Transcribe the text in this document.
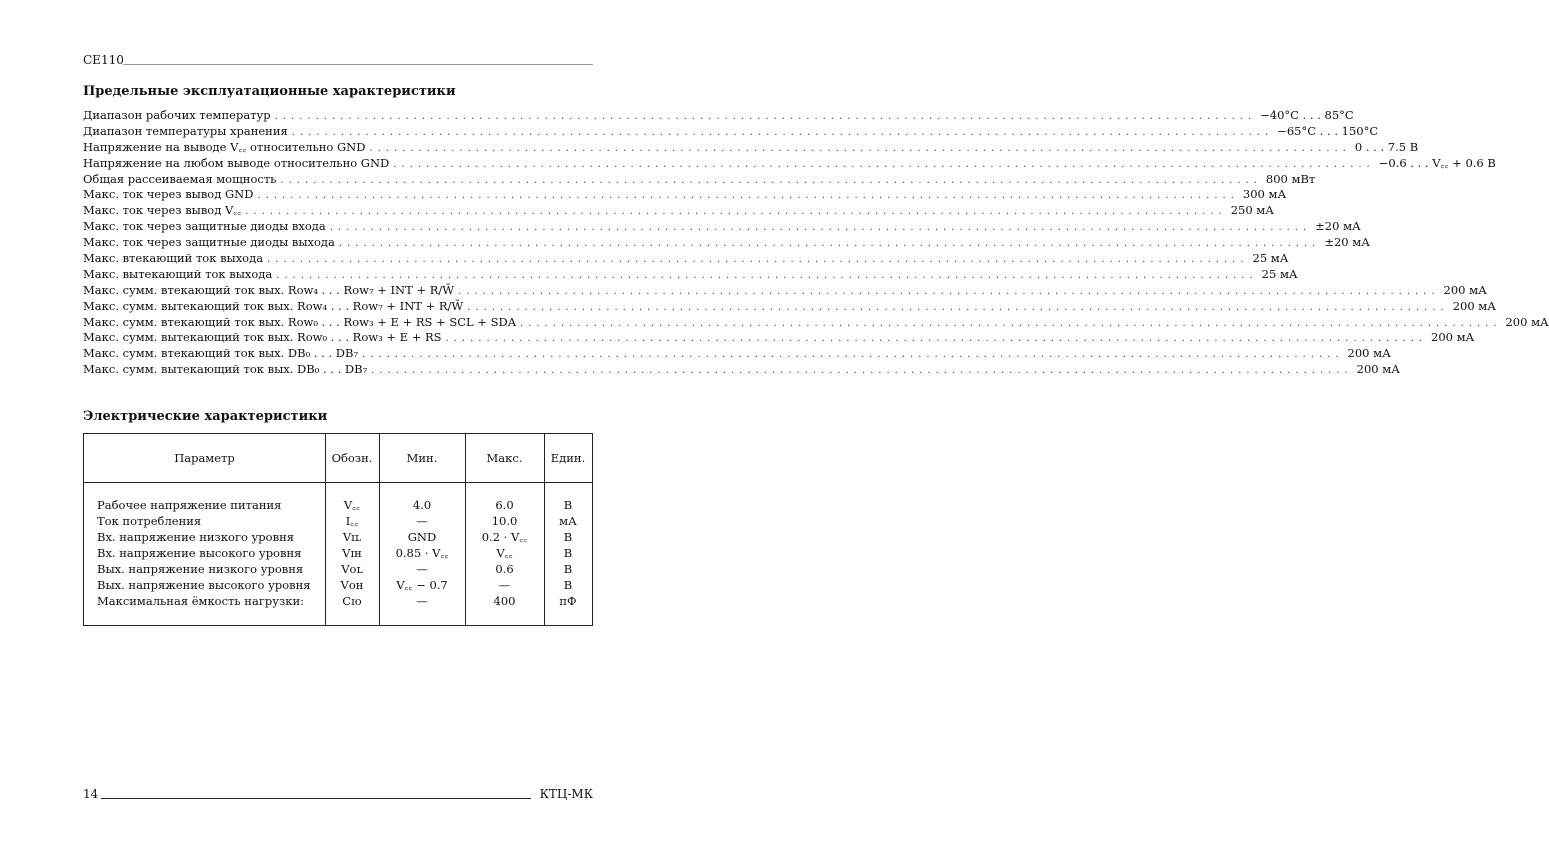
CE110
Предельные эксплуатационные характеристики
Диапазон рабочих температур ........................................................................................................................ −40°C . . . 85°C
Диапазон температуры хранения ........................................................................................................................ −65°C . . . 150°C
Напряжение на выводе V꜀꜀ относительно GND ........................................................................................................................ 0 . . . 7.5 В
Напряжение на любом выводе относительно GND ........................................................................................................................ −0.6 . . . V꜀꜀ + 0.6 В
Общая рассеиваемая мощность ........................................................................................................................ 800 мВт
Макс. ток через вывод GND ........................................................................................................................ 300 мА
Макс. ток через вывод V꜀꜀ ........................................................................................................................ 250 мА
Макс. ток через защитные диоды входа ........................................................................................................................ ±20 мА
Макс. ток через защитные диоды выхода ........................................................................................................................ ±20 мА
Макс. втекающий ток выхода ........................................................................................................................ 25 мА
Макс. вытекающий ток выхода ........................................................................................................................ 25 мА
Макс. сумм. втекающий ток вых. Row₄ . . . Row₇ + INT + R/W̄ ........................................................................................................................ 200 мА
Макс. сумм. вытекающий ток вых. Row₄ . . . Row₇ + INT + R/W̄ ........................................................................................................................ 200 мА
Макс. сумм. втекающий ток вых. Row₀ . . . Row₃ + E + RS + SCL + SDA ........................................................................................................................ 200 мА
Макс. сумм. вытекающий ток вых. Row₀ . . . Row₃ + E + RS ........................................................................................................................ 200 мА
Макс. сумм. втекающий ток вых. DB₀ . . . DB₇ ........................................................................................................................ 200 мА
Макс. сумм. вытекающий ток вых. DB₀ . . . DB₇ ........................................................................................................................ 200 мА
Электрические характеристики
Параметр	Обозн.	Мин.	Макс.	Един.
Рабочее напряжение питания	V꜀꜀	4.0	6.0	В
Ток потребления	I꜀꜀	—	10.0	мА
Вх. напряжение низкого уровня	Vɪʟ	GND	0.2 · V꜀꜀	В
Вх. напряжение высокого уровня	Vɪʜ	0.85 · V꜀꜀	V꜀꜀	В
Вых. напряжение низкого уровня	Vᴏʟ	—	0.6	В
Вых. напряжение высокого уровня	Vᴏʜ	V꜀꜀ − 0.7	—	В
Максимальная ёмкость нагрузки:	Cɪᴏ	—	400	пФ
14	КТЦ-МК
